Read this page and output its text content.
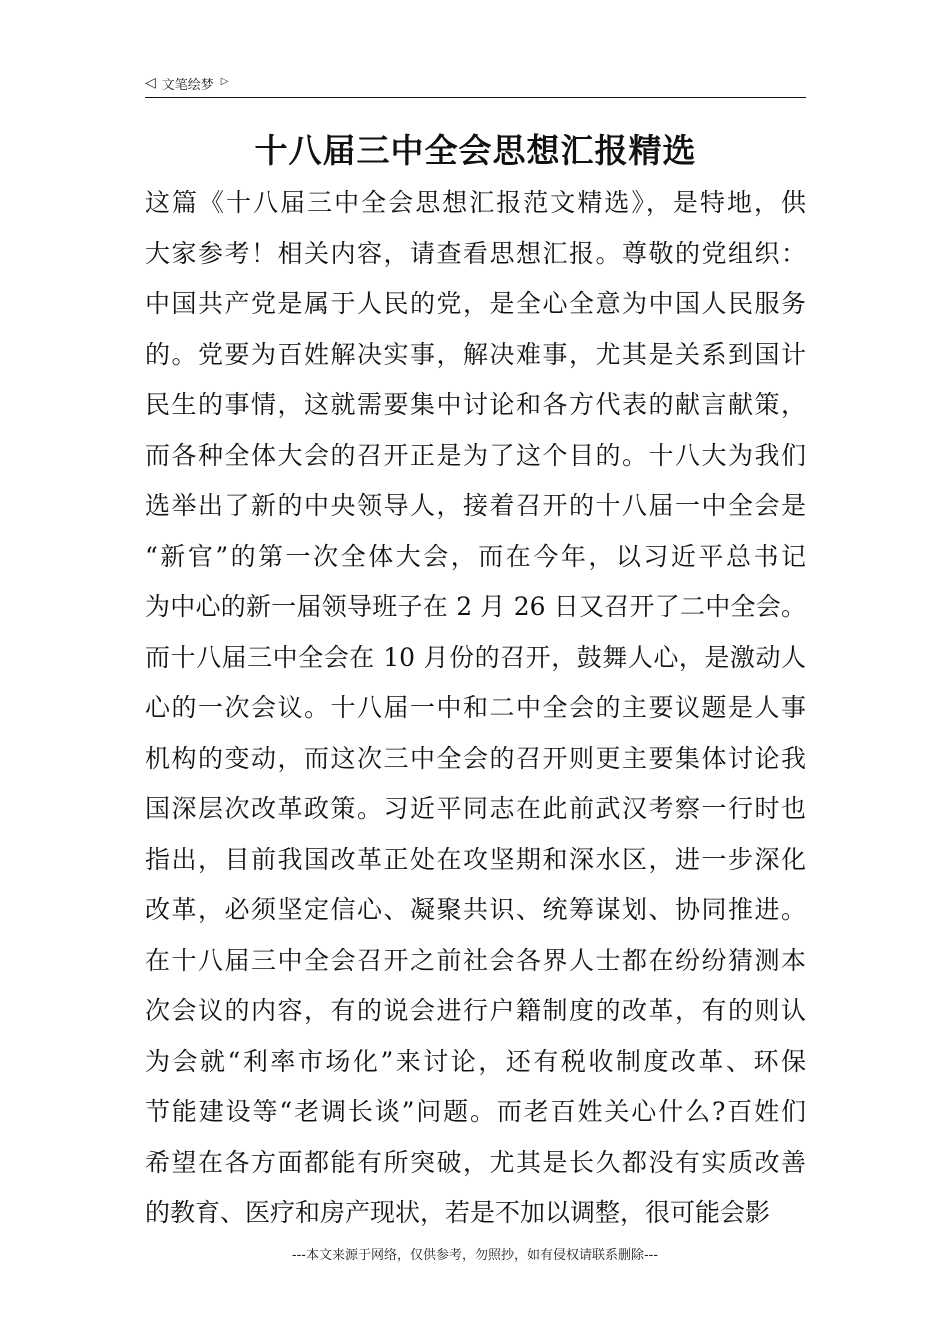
◁ 文笔绘梦 ▷
十八届三中全会思想汇报精选
这篇《十八届三中全会思想汇报范文精选》，是特地，供
大家参考！相关内容，请查看思想汇报。尊敬的党组织：
中国共产党是属于人民的党，是全心全意为中国人民服务
的。党要为百姓解决实事，解决难事，尤其是关系到国计
民生的事情，这就需要集中讨论和各方代表的献言献策，
而各种全体大会的召开正是为了这个目的。十八大为我们
选举出了新的中央领导人，接着召开的十八届一中全会是
“新官”的第一次全体大会，而在今年，以习近平总书记
为中心的新一届领导班子在 2 月 26 日又召开了二中全会。
而十八届三中全会在 10 月份的召开，鼓舞人心，是激动人
心的一次会议。十八届一中和二中全会的主要议题是人事
机构的变动，而这次三中全会的召开则更主要集体讨论我
国深层次改革政策。习近平同志在此前武汉考察一行时也
指出，目前我国改革正处在攻坚期和深水区，进一步深化
改革，必须坚定信心、凝聚共识、统筹谋划、协同推进。
在十八届三中全会召开之前社会各界人士都在纷纷猜测本
次会议的内容，有的说会进行户籍制度的改革，有的则认
为会就“利率市场化”来讨论，还有税收制度改革、环保
节能建设等“老调长谈”问题。而老百姓关心什么?百姓们
希望在各方面都能有所突破，尤其是长久都没有实质改善
的教育、医疗和房产现状，若是不加以调整，很可能会影
---本文来源于网络，仅供参考，勿照抄，如有侵权请联系删除---
